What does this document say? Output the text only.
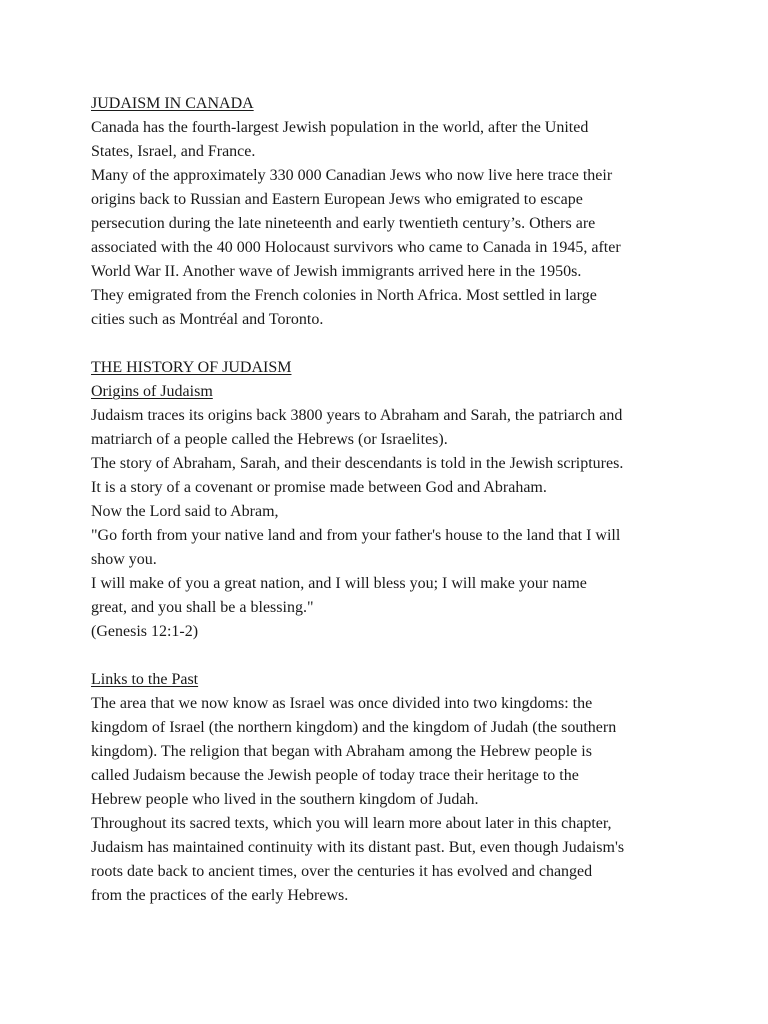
JUDAISM IN CANADA
Canada has the fourth-largest Jewish population in the world, after the United
States, Israel, and France.
Many of the approximately 330 000 Canadian Jews who now live here trace their
origins back to Russian and Eastern European Jews who emigrated to escape
persecution during the late nineteenth and early twentieth century’s. Others are
associated with the 40 000 Holocaust survivors who came to Canada in 1945, after
World War II. Another wave of Jewish immigrants arrived here in the 1950s.
They emigrated from the French colonies in North Africa. Most settled in large
cities such as Montréal and Toronto.
THE HISTORY OF JUDAISM
Origins of Judaism
Judaism traces its origins back 3800 years to Abraham and Sarah, the patriarch and
matriarch of a people called the Hebrews (or Israelites).
The story of Abraham, Sarah, and their descendants is told in the Jewish scriptures.
It is a story of a covenant or promise made between God and Abraham.
Now the Lord said to Abram,
"Go forth from your native land and from your father's house to the land that I will
show you.
I will make of you a great nation, and I will bless you; I will make your name
great, and you shall be a blessing."
(Genesis 12:1-2)
Links to the Past
The area that we now know as Israel was once divided into two kingdoms: the
kingdom of Israel (the northern kingdom) and the kingdom of Judah (the southern
kingdom). The religion that began with Abraham among the Hebrew people is
called Judaism because the Jewish people of today trace their heritage to the
Hebrew people who lived in the southern kingdom of Judah.
Throughout its sacred texts, which you will learn more about later in this chapter,
Judaism has maintained continuity with its distant past. But, even though Judaism's
roots date back to ancient times, over the centuries it has evolved and changed
from the practices of the early Hebrews.
